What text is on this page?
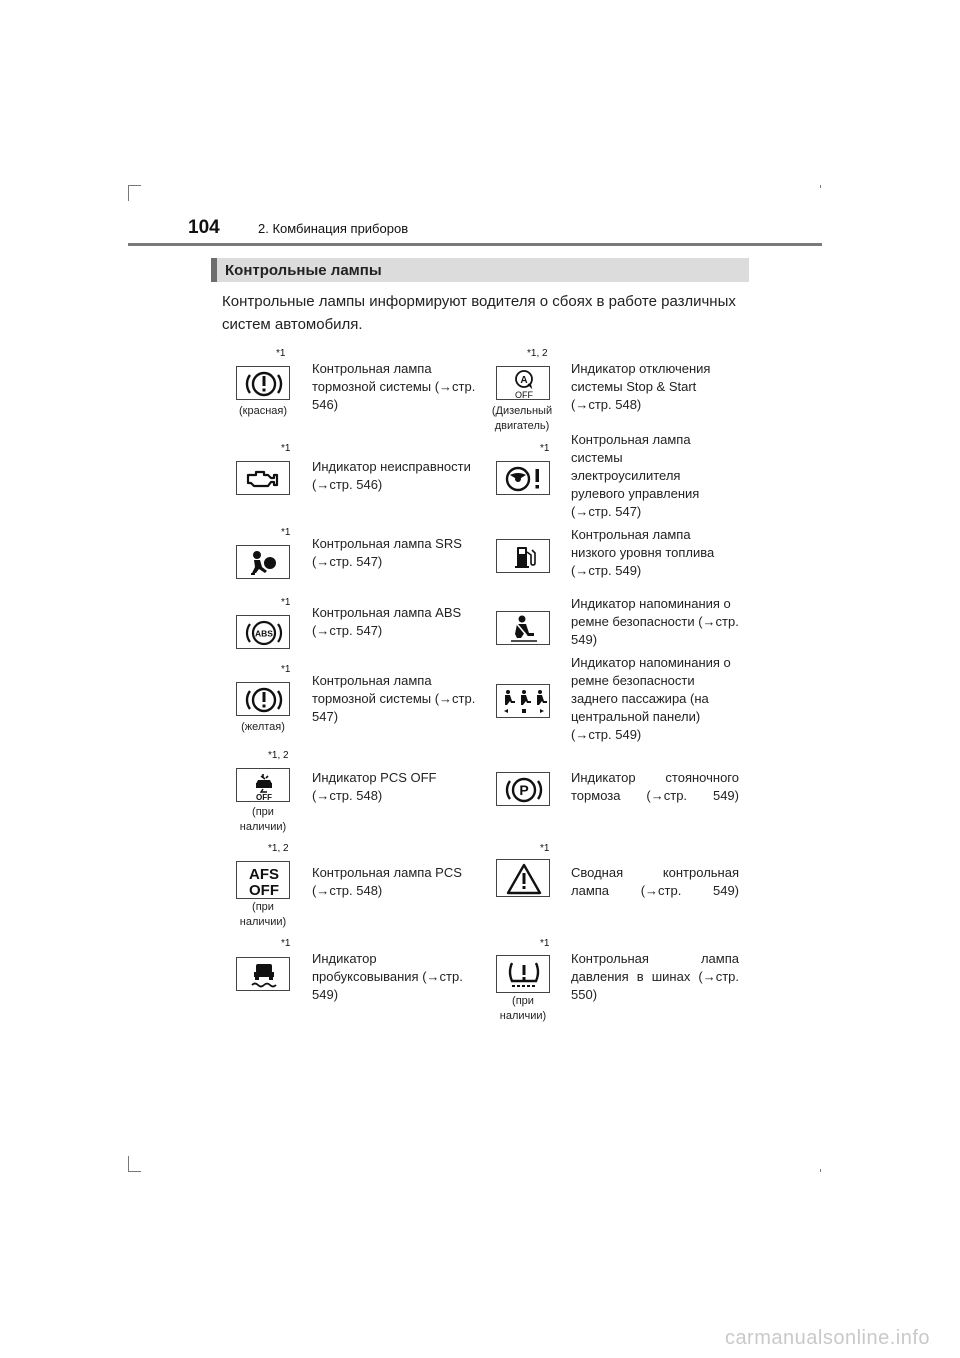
104	2. Комбинация приборов
Контрольные лампы
Контрольные лампы информируют водителя о сбоях в работе различных систем автомобиля.
*1
(красная)
Контрольная лампа тормозной системы (→стр. 546)
*1
Индикатор неисправности (→стр. 546)
*1
Контрольная лампа SRS (→стр. 547)
*1
ABS
Контрольная лампа ABS (→стр. 547)
*1
(желтая)
Контрольная лампа тормозной системы (→стр. 547)
*1, 2
OFF
(при наличии)
Индикатор PCS OFF (→стр. 548)
*1, 2
AFS
OFF
(при наличии)
Контрольная лампа PCS (→стр. 548)
*1
Индикатор пробуксовывания (→стр. 549)
*1, 2
A
OFF
(Дизельный двигатель)
Индикатор отключения системы Stop & Start (→стр. 548)
*1
Контрольная лампа системы электроусилителя рулевого управления (→стр. 547)
Контрольная лампа низкого уровня топлива (→стр. 549)
Индикатор напоминания о ремне безопасности (→стр. 549)
Индикатор напоминания о ремне безопасности заднего пассажира (на центральной панели) (→стр. 549)
P
Индикатор стояночного тормоза (→стр. 549)
*1
Сводная контрольная лампа (→стр. 549)
*1
(при наличии)
Контрольная лампа давления в шинах (→стр. 550)
carmanualsonline.info
